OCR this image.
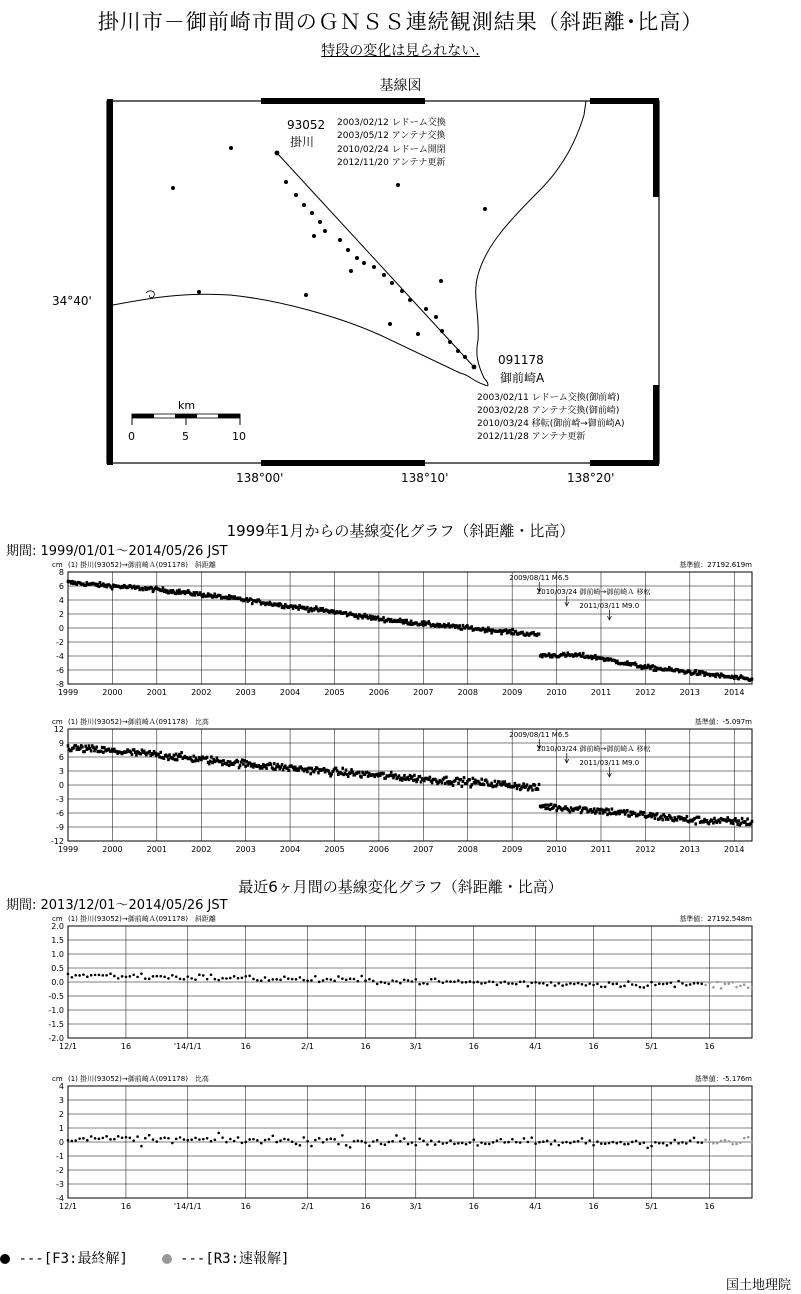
掛川市－御前崎市間のＧＮＳＳ連続観測結果（斜距離･比高）
特段の変化は見られない.
基線図
93052
掛川
2003/02/12 レドーム交換
2003/05/12 アンテナ交換
2010/02/24 レドーム開閉
2012/11/20 アンテナ更新
091178
御前崎A
2003/02/11 レドーム交換(御前崎)
2003/02/28 アンテナ交換(御前崎)
2010/03/24 移転(御前崎→御前崎A)
2012/11/28 アンテナ更新
km
0	5	10
34°40'
138°00'	138°10'	138°20'
1999年1月からの基線変化グラフ（斜距離・比高）
期間: 1999/01/01～2014/05/26 JST
cm (1) 掛川(93052)→御前崎Ａ(091178)　斜距離	基準値：27192.619m
8
6
4
2
0
-2
-4
-6
-8
1999	2000	2001	2002	2003	2004	2005	2006	2007	2008	2009	2010	2011	2012	2013	2014
2009/08/11 M6.5
2010/03/24 御前崎→御前崎Ａ 移転
2011/03/11 M9.0
cm (1) 掛川(93052)→御前崎Ａ(091178)　比高	基準値：-5.097m
12
9
6
3
0
-3
-6
-9
-12
1999	2000	2001	2002	2003	2004	2005	2006	2007	2008	2009	2010	2011	2012	2013	2014
2009/08/11 M6.5
2010/03/24 御前崎→御前崎Ａ 移転
2011/03/11 M9.0
最近6ヶ月間の基線変化グラフ（斜距離・比高）
期間: 2013/12/01～2014/05/26 JST
cm (1) 掛川(93052)→御前崎Ａ(091178)　斜距離	基準値：27192.548m
2.0
1.5
1.0
0.5
0.0
-0.5
-1.0
-1.5
-2.0
12/1	16	'14/1/1	16	2/1	16	3/1	16	4/1	16	5/1	16
cm (1) 掛川(93052)→御前崎Ａ(091178)　比高	基準値：-5.176m
4
3
2
1
0
-1
-2
-3
-4
12/1	16	'14/1/1	16	2/1	16	3/1	16	4/1	16	5/1	16
---[F3:最終解]	---[R3:速報解]
国土地理院
